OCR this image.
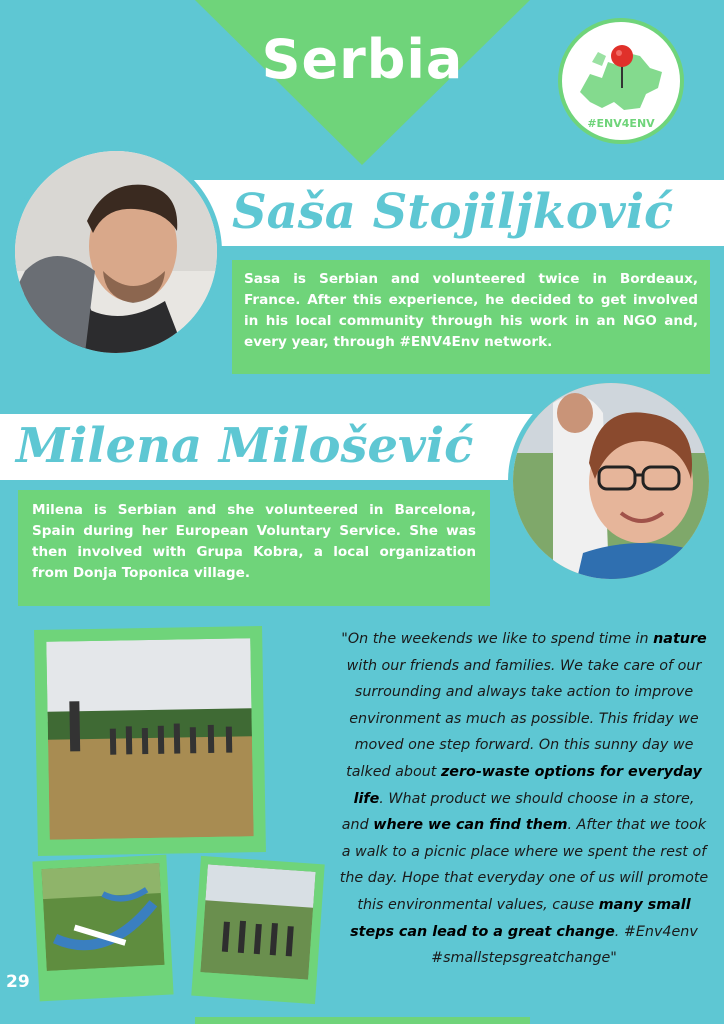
Serbia
#ENV4ENV
Saša Stojiljković
Sasa is Serbian and volunteered twice in Bordeaux, France. After this experience, he decided to get involved in his local community through his work in an NGO and, every year, through #ENV4Env network.
Milena Milošević
Milena is Serbian and she volunteered in Barcelona, Spain during her European Voluntary Service. She was then involved with Grupa Kobra, a local organization from Donja Toponica village.
"On the weekends we like to spend time in nature with our friends and families. We take care of our surrounding and always take action to improve environment as much as possible. This friday we moved one step forward. On this sunny day we talked about zero-waste options for everyday life. What product we should choose in a store, and where we can find them. After that we took a walk to a picnic place where we spent the rest of the day. Hope that everyday one of us will promote this environmental values, cause many small steps can lead to a great change. #Env4env #smallstepsgreatchange"
29
